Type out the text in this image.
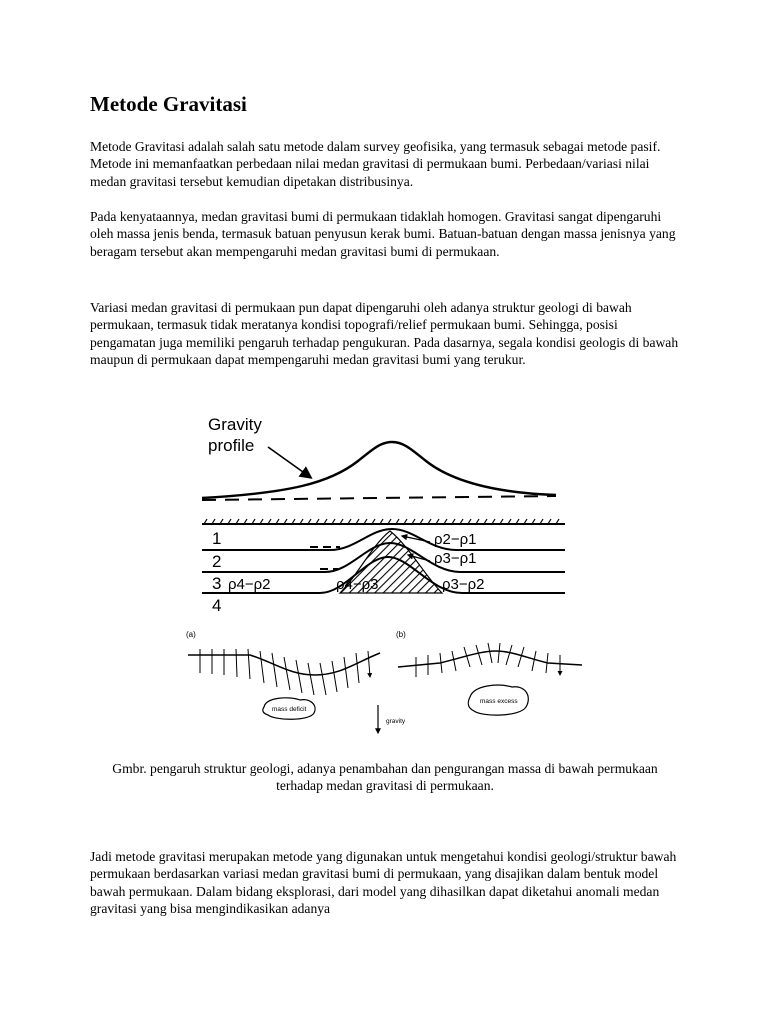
Metode Gravitasi

Metode Gravitasi adalah salah satu metode dalam survey geofisika, yang termasuk sebagai metode pasif. Metode ini memanfaatkan perbedaan nilai medan gravitasi di permukaan bumi. Perbedaan/variasi nilai medan gravitasi tersebut kemudian dipetakan distribusinya.

Pada kenyataannya, medan gravitasi bumi di permukaan tidaklah homogen. Gravitasi sangat dipengaruhi oleh massa jenis benda, termasuk batuan penyusun kerak bumi. Batuan-batuan dengan massa jenisnya yang beragam tersebut akan mempengaruhi medan gravitasi bumi di permukaan.

Variasi medan gravitasi di permukaan pun dapat dipengaruhi oleh adanya struktur geologi di bawah permukaan, termasuk tidak meratanya kondisi topografi/relief permukaan bumi. Sehingga, posisi pengamatan juga memiliki pengaruh terhadap pengukuran. Pada dasarnya, segala kondisi geologis di bawah maupun di permukaan dapat mempengaruhi medan gravitasi bumi yang terukur.

Gravity
profile
1
2
3
4
ρ2−ρ1
ρ3−ρ1
ρ4−ρ2	ρ4−ρ3	ρ3−ρ2
(a)
mass deficit
gravity
(b)
mass excess

Gmbr. pengaruh struktur geologi, adanya penambahan dan pengurangan massa di bawah permukaan terhadap medan gravitasi di permukaan.

Jadi metode gravitasi merupakan metode yang digunakan untuk mengetahui kondisi geologi/struktur bawah permukaan berdasarkan variasi medan gravitasi bumi di permukaan, yang disajikan dalam bentuk model bawah permukaan. Dalam bidang eksplorasi, dari model yang dihasilkan dapat diketahui anomali medan gravitasi yang bisa mengindikasikan adanya
